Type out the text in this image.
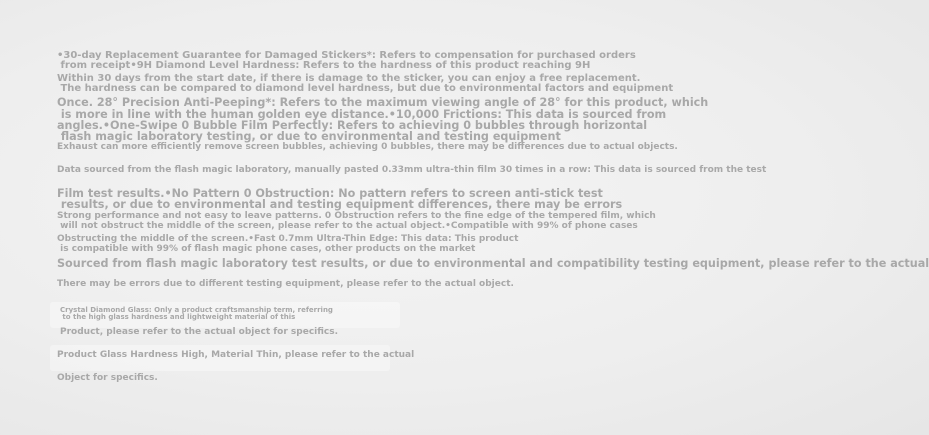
•30-day Replacement Guarantee for Damaged Stickers*: Refers to compensation for purchased orders

from receipt•9H Diamond Level Hardness: Refers to the hardness of this product reaching 9H

Within 30 days from the start date, if there is damage to the sticker, you can enjoy a free replacement.

The hardness can be compared to diamond level hardness, but due to environmental factors and equipment

Once. 28° Precision Anti-Peeping*: Refers to the maximum viewing angle of 28° for this product, which

is more in line with the human golden eye distance.•10,000 Frictions: This data is sourced from

angles.•One-Swipe 0 Bubble Film Perfectly: Refers to achieving 0 bubbles through horizontal

flash magic laboratory testing, or due to environmental and testing equipment

Exhaust can more efficiently remove screen bubbles, achieving 0 bubbles, there may be differences due to actual objects.

Data sourced from the flash magic laboratory, manually pasted 0.33mm ultra-thin film 30 times in a row: This data is sourced from the test

Film test results.•No Pattern 0 Obstruction: No pattern refers to screen anti-stick test

results, or due to environmental and testing equipment differences, there may be errors

Strong performance and not easy to leave patterns. 0 Obstruction refers to the fine edge of the tempered film, which

will not obstruct the middle of the screen, please refer to the actual object.•Compatible with 99% of phone cases

Obstructing the middle of the screen.•Fast 0.7mm Ultra-Thin Edge: This data: This product

is compatible with 99% of flash magic phone cases, other products on the market

Sourced from flash magic laboratory test results, or due to environmental and compatibility testing equipment, please refer to the actual

There may be errors due to different testing equipment, please refer to the actual object.

Crystal Diamond Glass: Only a product craftsmanship term, referring

to the high glass hardness and lightweight material of this

Product, please refer to the actual object for specifics.

Product Glass Hardness High, Material Thin, please refer to the actual

Object for specifics.
